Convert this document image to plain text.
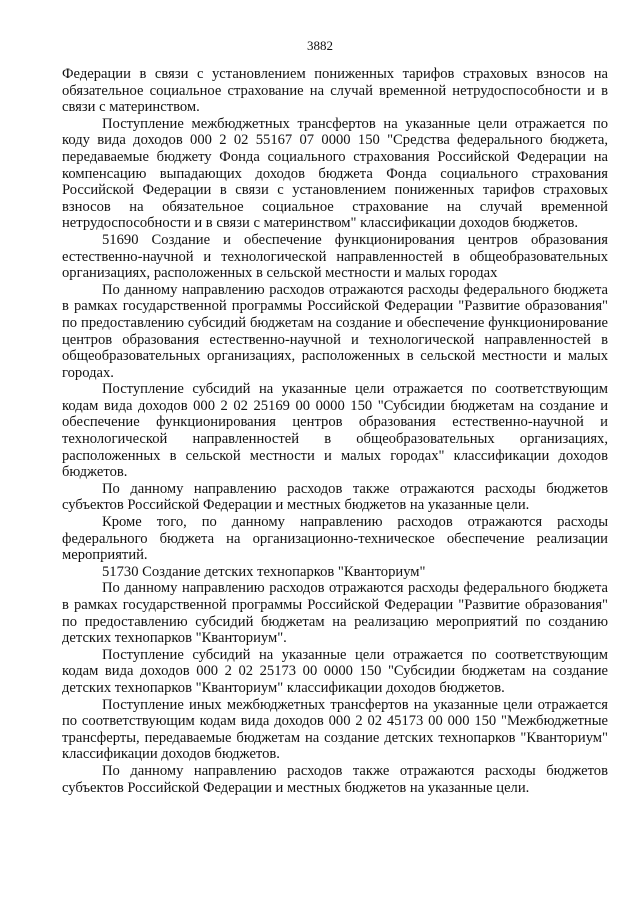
3882

Федерации в связи с установлением пониженных тарифов страховых взносов на обязательное социальное страхование на случай временной нетрудоспособности и в связи с материнством.

Поступление межбюджетных трансфертов на указанные цели отражается по коду вида доходов 000 2 02 55167 07 0000 150 "Средства федерального бюджета, передаваемые бюджету Фонда социального страхования Российской Федерации на компенсацию выпадающих доходов бюджета Фонда социального страхования Российской Федерации в связи с установлением пониженных тарифов страховых взносов на обязательное социальное страхование на случай временной нетрудоспособности и в связи с материнством" классификации доходов бюджетов.

51690 Создание и обеспечение функционирования центров образования естественно-научной и технологической направленностей в общеобразовательных организациях, расположенных в сельской местности и малых городах

По данному направлению расходов отражаются расходы федерального бюджета в рамках государственной программы Российской Федерации "Развитие образования" по предоставлению субсидий бюджетам на создание и обеспечение функционирование центров образования естественно-научной и технологической направленностей в общеобразовательных организациях, расположенных в сельской местности и малых городах.

Поступление субсидий на указанные цели отражается по соответствующим кодам вида доходов 000 2 02 25169 00 0000 150 "Субсидии бюджетам на создание и обеспечение функционирования центров образования естественно-научной и технологической направленностей в общеобразовательных организациях, расположенных в сельской местности и малых городах" классификации доходов бюджетов.

По данному направлению расходов также отражаются расходы бюджетов субъектов Российской Федерации и местных бюджетов на указанные цели.

Кроме того, по данному направлению расходов отражаются расходы федерального бюджета на организационно-техническое обеспечение реализации мероприятий.

51730 Создание детских технопарков "Кванториум"

По данному направлению расходов отражаются расходы федерального бюджета в рамках государственной программы Российской Федерации "Развитие образования" по предоставлению субсидий бюджетам на реализацию мероприятий по созданию детских технопарков "Кванториум".

Поступление субсидий на указанные цели отражается по соответствующим кодам вида доходов 000 2 02 25173 00 0000 150 "Субсидии бюджетам на создание детских технопарков "Кванториум" классификации доходов бюджетов.

Поступление иных межбюджетных трансфертов на указанные цели отражается по соответствующим кодам вида доходов 000 2 02 45173 00 000 150 "Межбюджетные трансферты, передаваемые бюджетам на создание детских технопарков "Кванториум" классификации доходов бюджетов.

По данному направлению расходов также отражаются расходы бюджетов субъектов Российской Федерации и местных бюджетов на указанные цели.
